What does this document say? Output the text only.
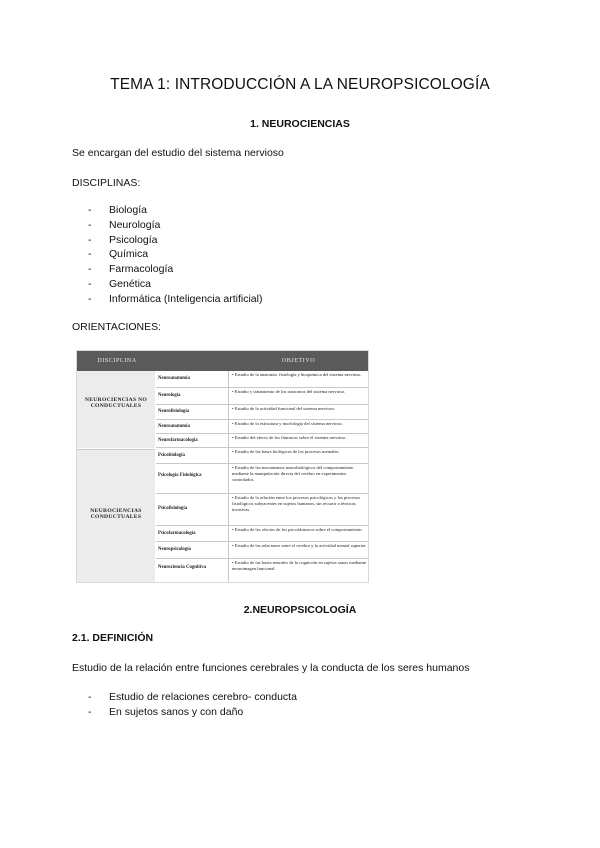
TEMA 1: INTRODUCCIÓN A LA NEUROPSICOLOGÍA
1. NEUROCIENCIAS
Se encargan del estudio del sistema nervioso
DISCIPLINAS:
- Biología
- Neurología
- Psicología
- Química
- Farmacología
- Genética
- Informática (Inteligencia artificial)
ORIENTACIONES:
DISCIPLINA	OBJETIVO
NEUROCIENCIAS NO CONDUCTUALES
Neuroanatomía
• Estudio de la anatomía, fisiología y bioquímica del sistema nervioso.
Neurología
• Estudio y tratamiento de los trastornos del sistema nervioso.
Neurofisiología
• Estudio de la actividad funcional del sistema nervioso.
Neuroanatomía
• Estudio de la estructura y morfología del sistema nervioso.
Neurofarmacología
• Estudio del efecto de los fármacos sobre el sistema nervioso.
NEUROCIENCIAS CONDUCTUALES
Psicobiología
• Estudio de las bases biológicas de los procesos mentales.
Psicología Fisiológica
• Estudio de los mecanismos neurobiológicos del comportamiento mediante la manipulación directa del cerebro en experimentos controlados.
Psicofisiología
• Estudio de la relación entre los procesos psicológicos y los procesos fisiológicos subyacentes en sujetos humanos, sin recurrir a técnicas invasivas.
Psicofarmacología
• Estudio de los efectos de los psicofármacos sobre el comportamiento.
Neuropsicología
• Estudio de las relaciones entre el cerebro y la actividad mental superior.
Neurociencia Cognitiva
• Estudio de las bases neurales de la cognición en sujetos sanos mediante neuroimagen funcional.
2.NEUROPSICOLOGÍA
2.1. DEFINICIÓN
Estudio de la relación entre funciones cerebrales y la conducta de los seres humanos
- Estudio de relaciones cerebro- conducta
- En sujetos sanos y con daño
